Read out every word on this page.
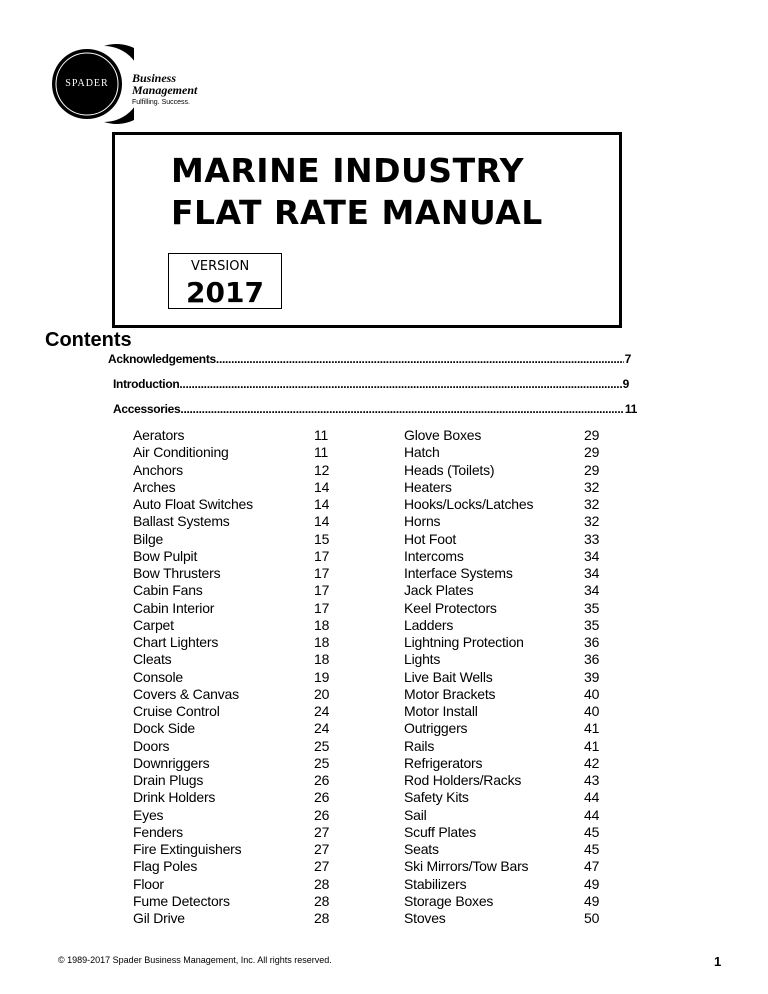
SPADER	Business
Management
Fulfilling. Success.
MARINE INDUSTRY
FLAT RATE MANUAL
VERSION
2017
Contents
Acknowledgements .....	7
Introduction .....	9
Accessories .....	11
Aerators	11
Air Conditioning	11
Anchors	12
Arches	14
Auto Float Switches	14
Ballast Systems	14
Bilge	15
Bow Pulpit	17
Bow Thrusters	17
Cabin Fans	17
Cabin Interior	17
Carpet	18
Chart Lighters	18
Cleats	18
Console	19
Covers & Canvas	20
Cruise Control	24
Dock Side	24
Doors	25
Downriggers	25
Drain Plugs	26
Drink Holders	26
Eyes	26
Fenders	27
Fire Extinguishers	27
Flag Poles	27
Floor	28
Fume Detectors	28
Gil Drive	28
Glove Boxes	29
Hatch	29
Heads (Toilets)	29
Heaters	32
Hooks/Locks/Latches	32
Horns	32
Hot Foot	33
Intercoms	34
Interface Systems	34
Jack Plates	34
Keel Protectors	35
Ladders	35
Lightning Protection	36
Lights	36
Live Bait Wells	39
Motor Brackets	40
Motor Install	40
Outriggers	41
Rails	41
Refrigerators	42
Rod Holders/Racks	43
Safety Kits	44
Sail	44
Scuff Plates	45
Seats	45
Ski Mirrors/Tow Bars	47
Stabilizers	49
Storage Boxes	49
Stoves	50
© 1989-2017 Spader Business Management, Inc. All rights reserved.	1
